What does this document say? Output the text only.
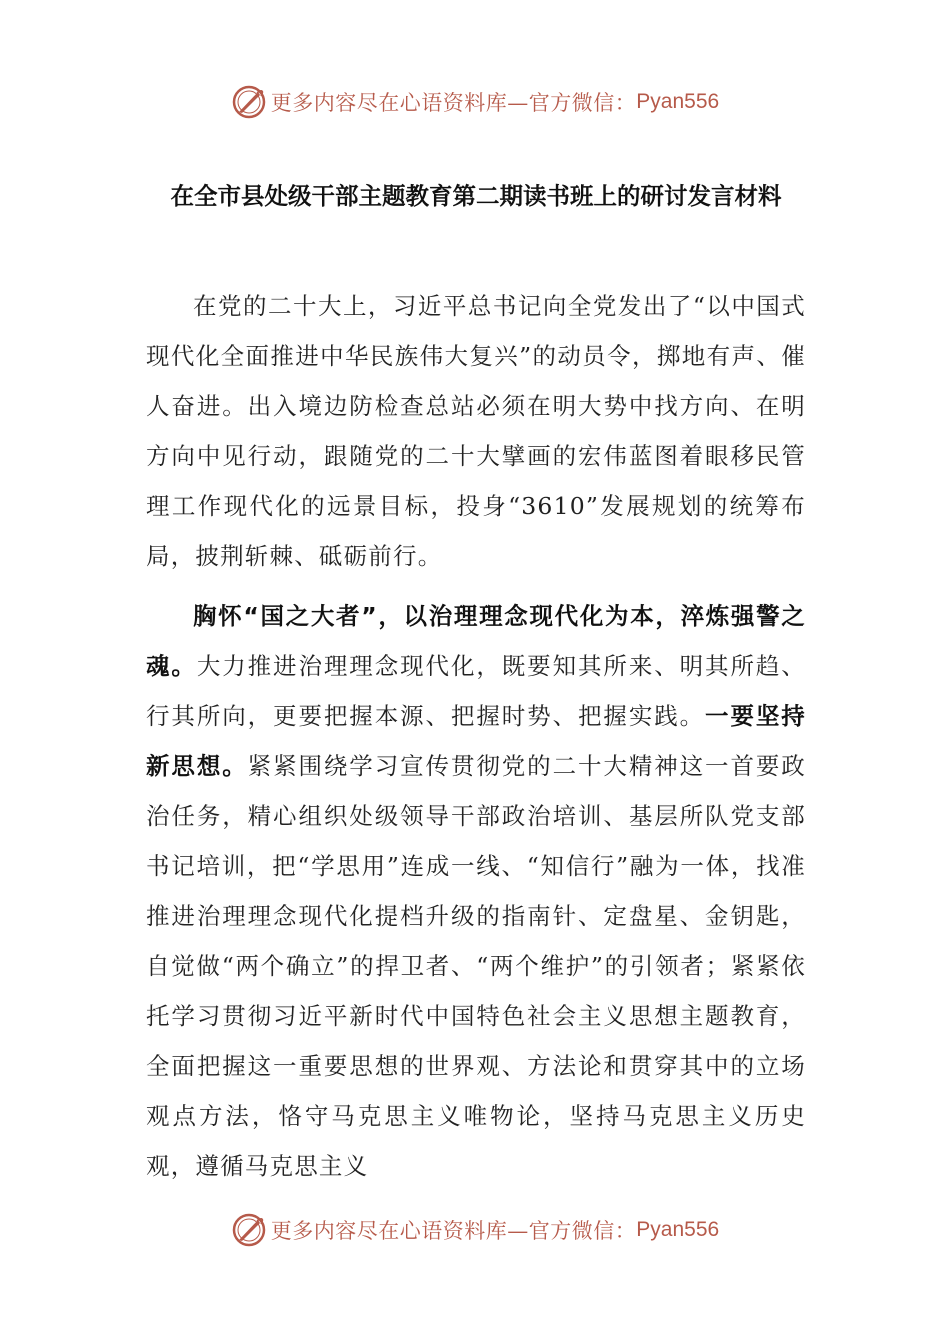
更多内容尽在心语资料库—官方微信： Pyan556
在全市县处级干部主题教育第二期读书班上的研讨发言材料

在党的二十大上，习近平总书记向全党发出了“以中国式现代化全面推进中华民族伟大复兴”的动员令，掷地有声、催人奋进。出入境边防检查总站必须在明大势中找方向、在明方向中见行动，跟随党的二十大擘画的宏伟蓝图着眼移民管理工作现代化的远景目标，投身“3610”发展规划的统筹布局，披荆斩棘、砥砺前行。

胸怀“国之大者”，以治理理念现代化为本，淬炼强警之魂。大力推进治理理念现代化，既要知其所来、明其所趋、行其所向，更要把握本源、把握时势、把握实践。一要坚持新思想。紧紧围绕学习宣传贯彻党的二十大精神这一首要政治任务，精心组织处级领导干部政治培训、基层所队党支部书记培训，把“学思用”连成一线、“知信行”融为一体，找准推进治理理念现代化提档升级的指南针、定盘星、金钥匙，自觉做“两个确立”的捍卫者、“两个维护”的引领者；紧紧依托学习贯彻习近平新时代中国特色社会主义思想主题教育，全面把握这一重要思想的世界观、方法论和贯穿其中的立场观点方法，恪守马克思主义唯物论，坚持马克思主义历史观，遵循马克思主义

更多内容尽在心语资料库—官方微信： Pyan556
